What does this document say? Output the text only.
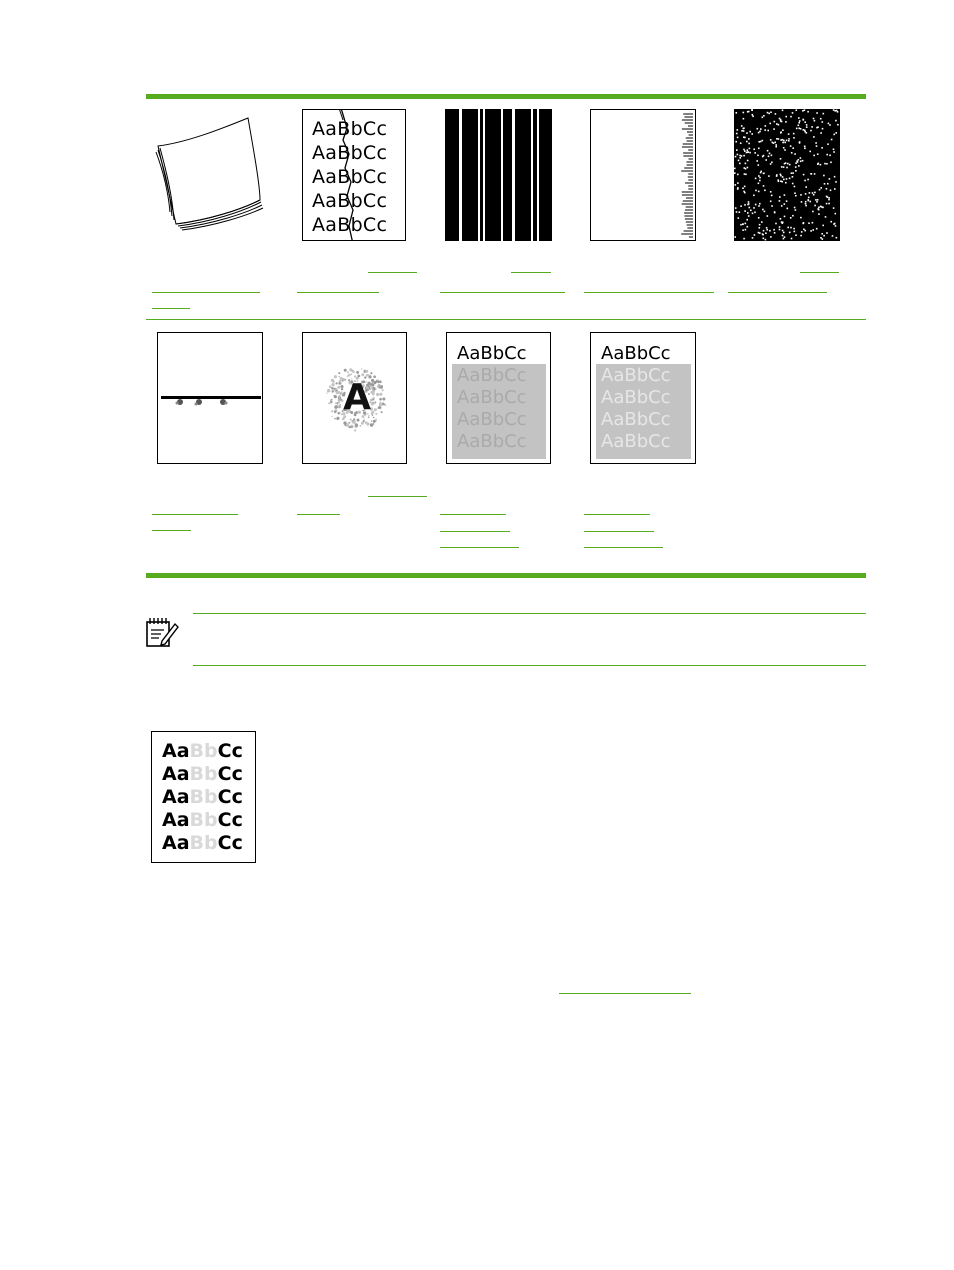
AaBbCc
AaBbCc
AaBbCc
AaBbCc
AaBbCc
A
AaBbCc
AaBbCc
AaBbCc
AaBbCc
AaBbCc
AaBbCc
AaBbCc
AaBbCc
AaBbCc
AaBbCc
AaBbCc
AaBbCc
AaBbCc
AaBbCc
AaBbCc
